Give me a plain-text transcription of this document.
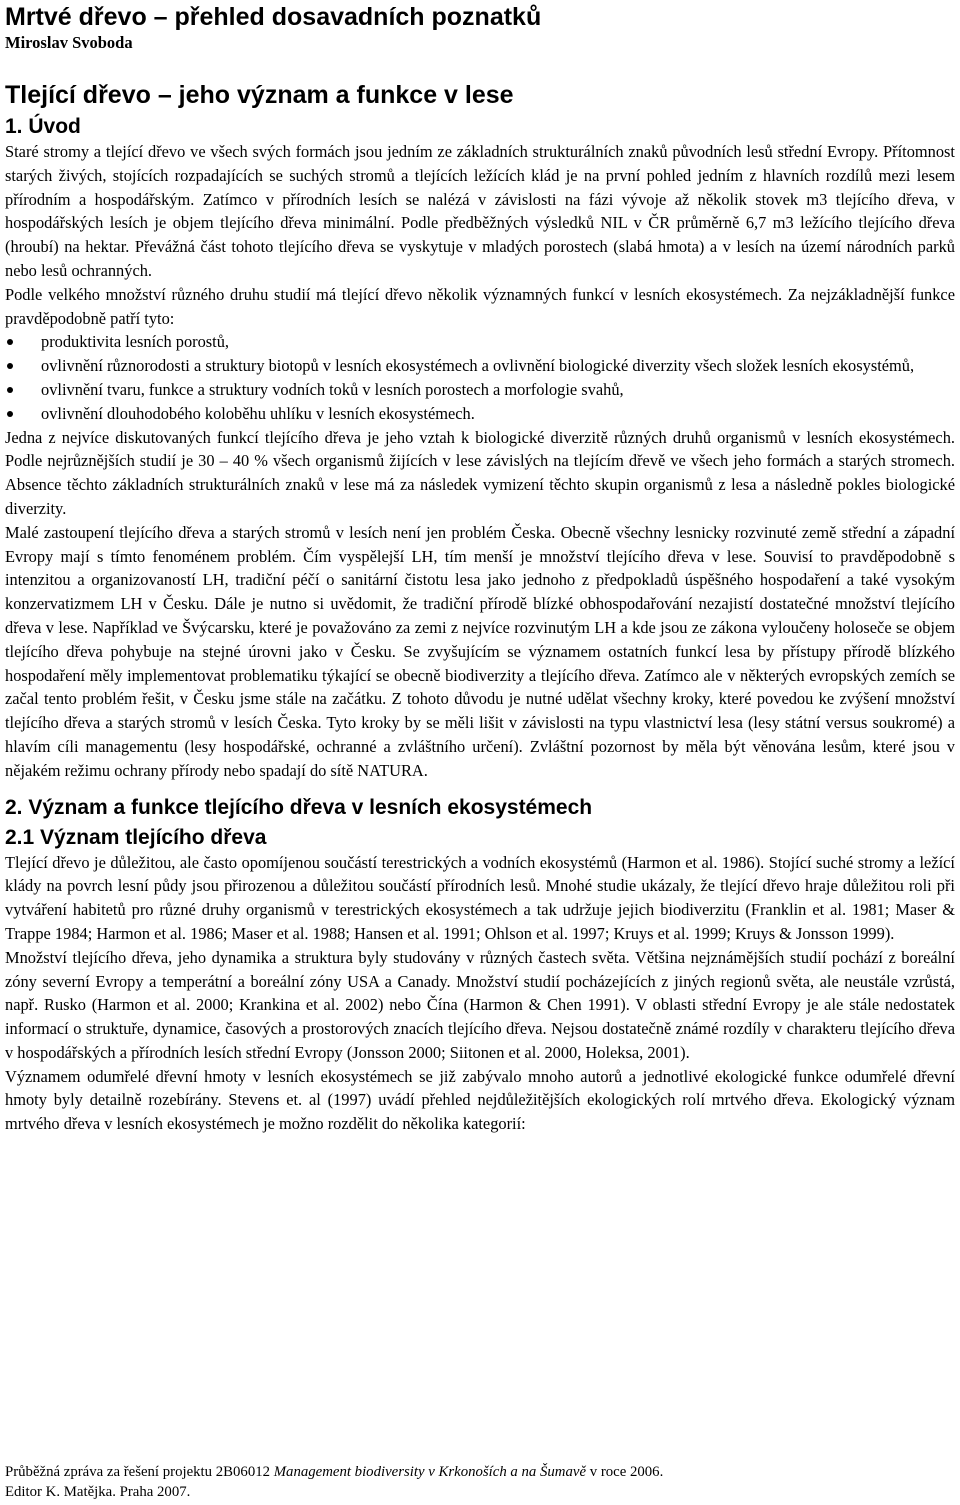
Mrtvé dřevo – přehled dosavadních poznatků
Miroslav Svoboda
Tlející dřevo – jeho význam a funkce v lese
1. Úvod

Staré stromy a tlející dřevo ve všech svých formách jsou jedním ze základních strukturálních znaků původních lesů střední Evropy. Přítomnost starých živých, stojících rozpadajících se suchých stromů a tlejících ležících klád je na první pohled jedním z hlavních rozdílů mezi lesem přírodním a hospodářským. Zatímco v přírodních lesích se nalézá v závislosti na fázi vývoje až několik stovek m3 tlejícího dřeva, v hospodářských lesích je objem tlejícího dřeva minimální. Podle předběžných výsledků NIL v ČR průměrně 6,7 m3 ležícího tlejícího dřeva (hroubí) na hektar. Převážná část tohoto tlejícího dřeva se vyskytuje v mladých porostech (slabá hmota) a v lesích na území národních parků nebo lesů ochranných.

Podle velkého množství různého druhu studií má tlející dřevo několik významných funkcí v lesních ekosystémech. Za nejzákladnější funkce pravděpodobně patří tyto:

produktivita lesních porostů,
ovlivnění různorodosti a struktury biotopů v lesních ekosystémech a ovlivnění biologické diverzity všech složek lesních ekosystémů,
ovlivnění tvaru, funkce a struktury vodních toků v lesních porostech a morfologie svahů,
ovlivnění dlouhodobého koloběhu uhlíku v lesních ekosystémech.

Jedna z nejvíce diskutovaných funkcí tlejícího dřeva je jeho vztah k biologické diverzitě různých druhů organismů v lesních ekosystémech. Podle nejrůznějších studií je 30 – 40 % všech organismů žijících v lese závislých na tlejícím dřevě ve všech jeho formách a starých stromech. Absence těchto základních strukturálních znaků v lese má za následek vymizení těchto skupin organismů z lesa a následně pokles biologické diverzity.

Malé zastoupení tlejícího dřeva a starých stromů v lesích není jen problém Česka. Obecně všechny lesnicky rozvinuté země střední a západní Evropy mají s tímto fenoménem problém. Čím vyspělejší LH, tím menší je množství tlejícího dřeva v lese. Souvisí to pravděpodobně s intenzitou a organizovaností LH, tradiční péčí o sanitární čistotu lesa jako jednoho z předpokladů úspěšného hospodaření a také vysokým konzervatizmem LH v Česku. Dále je nutno si uvědomit, že tradiční přírodě blízké obhospodařování nezajistí dostatečné množství tlejícího dřeva v lese. Například ve Švýcarsku, které je považováno za zemi z nejvíce rozvinutým LH a kde jsou ze zákona vyloučeny holoseče se objem tlejícího dřeva pohybuje na stejné úrovni jako v Česku. Se zvyšujícím se významem ostatních funkcí lesa by přístupy přírodě blízkého hospodaření měly implementovat problematiku týkající se obecně biodiverzity a tlejícího dřeva. Zatímco ale v některých evropských zemích se začal tento problém řešit, v Česku jsme stále na začátku. Z tohoto důvodu je nutné udělat všechny kroky, které povedou ke zvýšení množství tlejícího dřeva a starých stromů v lesích Česka. Tyto kroky by se měli lišit v závislosti na typu vlastnictví lesa (lesy státní versus soukromé) a hlavím cíli managementu (lesy hospodářské, ochranné a zvláštního určení). Zvláštní pozornost by měla být věnována lesům, které jsou v nějakém režimu ochrany přírody nebo spadají do sítě NATURA.

2. Význam a funkce tlejícího dřeva v lesních ekosystémech
2.1 Význam tlejícího dřeva

Tlející dřevo je důležitou, ale často opomíjenou součástí terestrických a vodních ekosystémů (Harmon et al. 1986). Stojící suché stromy a ležící klády na povrch lesní půdy jsou přirozenou a důležitou součástí přírodních lesů. Mnohé studie ukázaly, že tlející dřevo hraje důležitou roli při vytváření habitetů pro různé druhy organismů v terestrických ekosystémech a tak udržuje jejich biodiverzitu (Franklin et al. 1981; Maser & Trappe 1984; Harmon et al. 1986; Maser et al. 1988; Hansen et al. 1991; Ohlson et al. 1997; Kruys et al. 1999; Kruys & Jonsson 1999).

Množství tlejícího dřeva, jeho dynamika a struktura byly studovány v různých častech světa. Většina nejznámějších studií pochází z boreální zóny severní Evropy a temperátní a boreální zóny USA a Canady. Množství studií pocházejících z jiných regionů světa, ale neustále vzrůstá, např. Rusko (Harmon et al. 2000; Krankina et al. 2002) nebo Čína (Harmon & Chen 1991). V oblasti střední Evropy je ale stále nedostatek informací o struktuře, dynamice, časových a prostorových znacích tlejícího dřeva. Nejsou dostatečně známé rozdíly v charakteru tlejícího dřeva v hospodářských a přírodních lesích střední Evropy (Jonsson 2000; Siitonen et al. 2000, Holeksa, 2001).

Významem odumřelé dřevní hmoty v lesních ekosystémech se již zabývalo mnoho autorů a jednotlivé ekologické funkce odumřelé dřevní hmoty byly detailně rozebírány. Stevens et. al (1997) uvádí přehled nejdůležitějších ekologických rolí mrtvého dřeva. Ekologický význam mrtvého dřeva v lesních ekosystémech je možno rozdělit do několika kategorií:

Průběžná zpráva za řešení projektu 2B06012 Management biodiversity v Krkonoších a na Šumavě v roce 2006.
Editor K. Matějka. Praha 2007.
